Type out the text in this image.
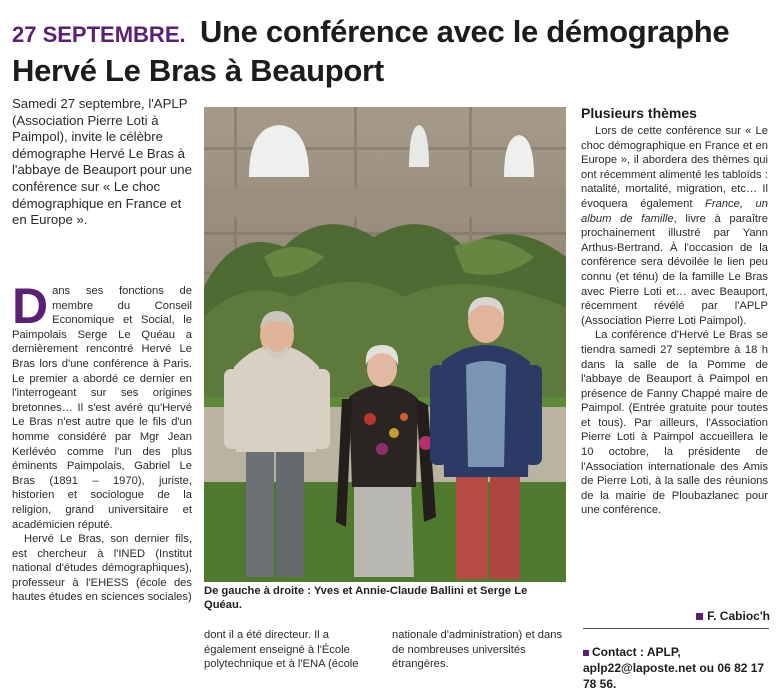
27 SEPTEMBRE. Une conférence avec le démographe Hervé Le Bras à Beauport
Samedi 27 septembre, l'APLP (Association Pierre Loti à Paimpol), invite le célèbre démographe Hervé Le Bras à l'abbaye de Beauport pour une conférence sur « Le choc démographique en France et en Europe ».

Dans ses fonctions de membre du Conseil Economique et Social, le Paimpolais Serge Le Quéau a dernièrement rencontré Hervé Le Bras lors d'une conférence à Paris. Le premier a abordé ce dernier en l'interrogeant sur ses origines bretonnes… Il s'est avéré qu'Hervé Le Bras n'est autre que le fils d'un homme considéré par Mgr Jean Kerlévéo comme l'un des plus éminents Paimpolais, Gabriel Le Bras (1891 – 1970), juriste, historien et sociologue de la religion, grand universitaire et académicien réputé.

Hervé Le Bras, son dernier fils, est chercheur à l'INED (Institut national d'études démographiques), professeur à l'EHESS (école des hautes études en sciences sociales)

De gauche à droite : Yves et Annie-Claude Ballini et Serge Le Quéau.
dont il a été directeur. Il a également enseigné à l'École polytechnique et à l'ENA (école
nationale d'administration) et dans de nombreuses universités étrangères.
Plusieurs thèmes

Lors de cette conférence sur « Le choc démographique en France et en Europe », il abordera des thèmes qui ont récemment alimenté les tabloïds : natalité, mortalité, migration, etc… Il évoquera également France, un album de famille, livre à paraître prochainement illustré par Yann Arthus-Bertrand. À l'occasion de la conférence sera dévoilée le lien peu connu (et ténu) de la famille Le Bras avec Pierre Loti et… avec Beauport, récemment révélé par l'APLP (Association Pierre Loti Paimpol).

La conférence d'Hervé Le Bras se tiendra samedi 27 septembre à 18 h dans la salle de la Pomme de l'abbaye de Beauport à Paimpol en présence de Fanny Chappé maire de Paimpol. (Entrée gratuite pour toutes et tous). Par ailleurs, l'Association Pierre Loti à Paimpol accueillera le 10 octobre, la présidente de l'Association internationale des Amis de Pierre Loti, à la salle des réunions de la mairie de Ploubazlanec pour une conférence.

F. Cabioc'h
Contact : APLP, aplp22@laposte.net ou 06 82 17 78 56.
